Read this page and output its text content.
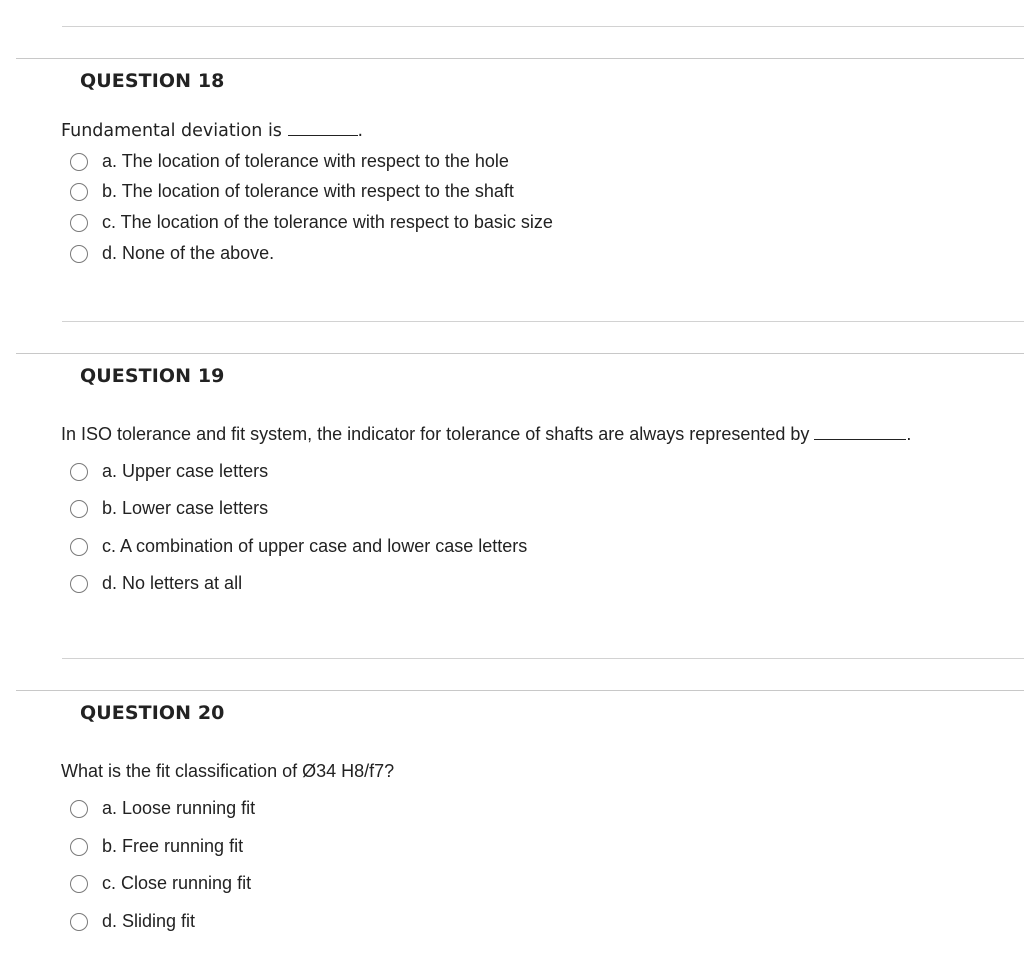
QUESTION 18
Fundamental deviation is	.
a. The location of tolerance with respect to the hole
b. The location of tolerance with respect to the shaft
c. The location of the tolerance with respect to basic size
d. None of the above.
QUESTION 19
In ISO tolerance and fit system, the indicator for tolerance of shafts are always represented by	.
a. Upper case letters
b. Lower case letters
c. A combination of upper case and lower case letters
d. No letters at all
QUESTION 20
What is the fit classification of Ø34 H8/f7?
a. Loose running fit
b. Free running fit
c. Close running fit
d. Sliding fit
